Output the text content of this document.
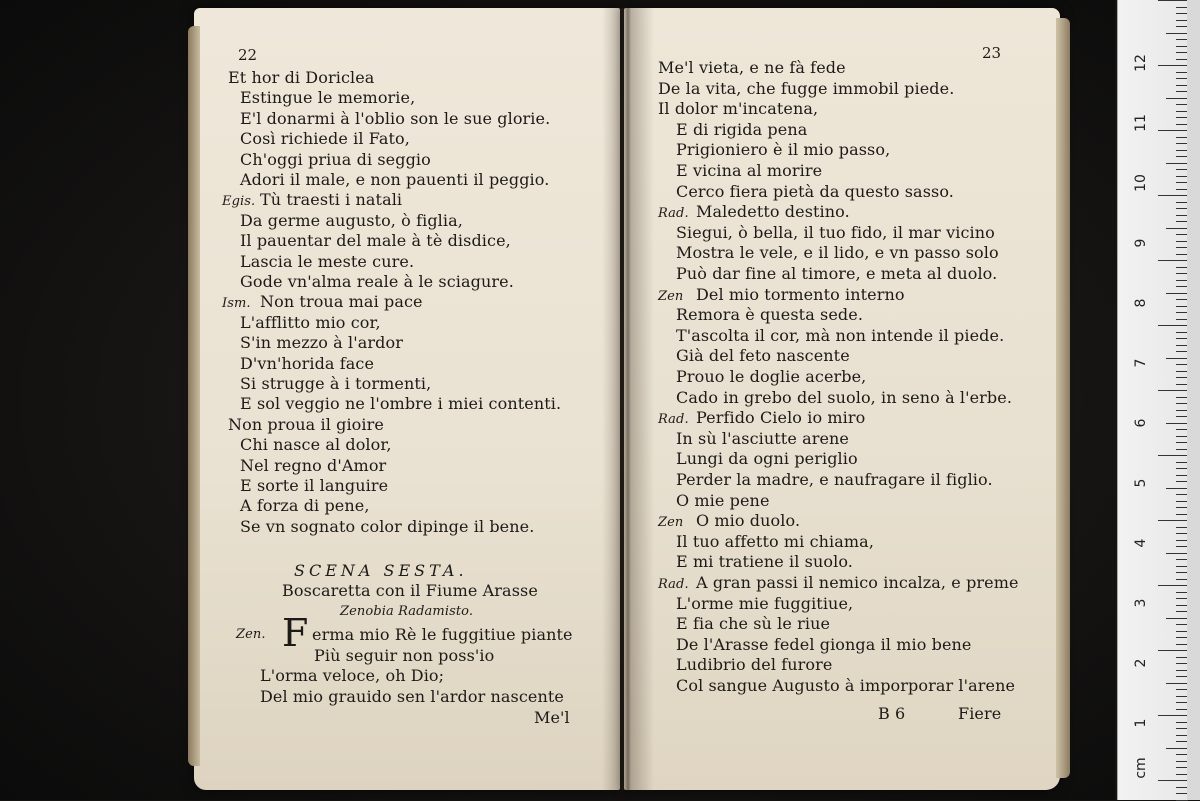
22
Et hor di Doriclea
Estingue le memorie,
E'l donarmi à l'oblio son le sue glorie.
Così richiede il Fato,
Ch'oggi priua di seggio
Adori il male, e non pauenti il peggio.
Egis. Tù traesti i natali
Da germe augusto, ò figlia,
Il pauentar del male à tè disdice,
Lascia le meste cure.
Gode vn'alma reale à le sciagure.
Ism. Non troua mai pace
L'afflitto mio cor,
S'in mezzo à l'ardor
D'vn'horida face
Si strugge à i tormenti,
E sol veggio ne l'ombre i miei contenti.
Non proua il gioire
Chi nasce al dolor,
Nel regno d'Amor
E sorte il languire
A forza di pene,
Se vn sognato color dipinge il bene.
SCENA SESTA.
Boscaretta con il Fiume Arasse
Zenobia Radamisto.
Zen. F erma mio Rè le fuggitiue piante
Più seguir non poss'io
L'orma veloce, oh Dio;
Del mio grauido sen l'ardor nascente
Me'l
23
Me'l vieta, e ne fà fede
De la vita, che fugge immobil piede.
Il dolor m'incatena,
E di rigida pena
Prigioniero è il mio passo,
E vicina al morire
Cerco fiera pietà da questo sasso.
Rad. Maledetto destino.
Siegui, ò bella, il tuo fido, il mar vicino
Mostra le vele, e il lido, e vn passo solo
Può dar fine al timore, e meta al duolo.
Zen Del mio tormento interno
Remora è questa sede.
T'ascolta il cor, mà non intende il piede.
Già del feto nascente
Prouo le doglie acerbe,
Cado in grebo del suolo, in seno à l'erbe.
Rad. Perfido Cielo io miro
In sù l'asciutte arene
Lungi da ogni periglio
Perder la madre, e naufragare il figlio.
O mie pene
Zen O mio duolo.
Il tuo affetto mi chiama,
E mi tratiene il suolo.
Rad. A gran passi il nemico incalza, e preme
L'orme mie fuggitiue,
E fia che sù le riue
De l'Arasse fedel gionga il mio bene
Ludibrio del furore
Col sangue Augusto à imporporar l'arene
B 6	Fiere
12
11
10
9
8
7
6
5
4
3
2
1
cm
